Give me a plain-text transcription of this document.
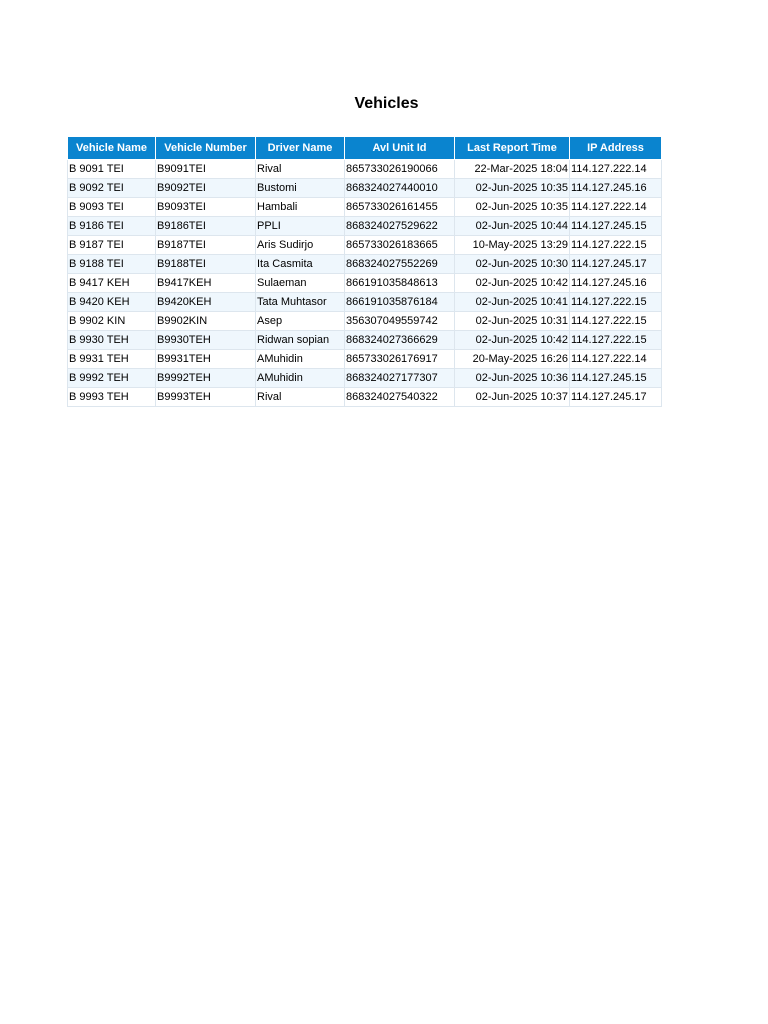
Vehicles
Vehicle Name	Vehicle Number	Driver Name	Avl Unit Id	Last Report Time	IP Address
B 9091 TEI	B9091TEI	Rival	865733026190066	22-Mar-2025 18:04	114.127.222.14
B 9092 TEI	B9092TEI	Bustomi	868324027440010	02-Jun-2025 10:35	114.127.245.16
B 9093 TEI	B9093TEI	Hambali	865733026161455	02-Jun-2025 10:35	114.127.222.14
B 9186 TEI	B9186TEI	PPLI	868324027529622	02-Jun-2025 10:44	114.127.245.15
B 9187 TEI	B9187TEI	Aris Sudirjo	865733026183665	10-May-2025 13:29	114.127.222.15
B 9188 TEI	B9188TEI	Ita Casmita	868324027552269	02-Jun-2025 10:30	114.127.245.17
B 9417 KEH	B9417KEH	Sulaeman	866191035848613	02-Jun-2025 10:42	114.127.245.16
B 9420 KEH	B9420KEH	Tata Muhtasor	866191035876184	02-Jun-2025 10:41	114.127.222.15
B 9902 KIN	B9902KIN	Asep	356307049559742	02-Jun-2025 10:31	114.127.222.15
B 9930 TEH	B9930TEH	Ridwan sopian	868324027366629	02-Jun-2025 10:42	114.127.222.15
B 9931 TEH	B9931TEH	AMuhidin	865733026176917	20-May-2025 16:26	114.127.222.14
B 9992 TEH	B9992TEH	AMuhidin	868324027177307	02-Jun-2025 10:36	114.127.245.15
B 9993 TEH	B9993TEH	Rival	868324027540322	02-Jun-2025 10:37	114.127.245.17
